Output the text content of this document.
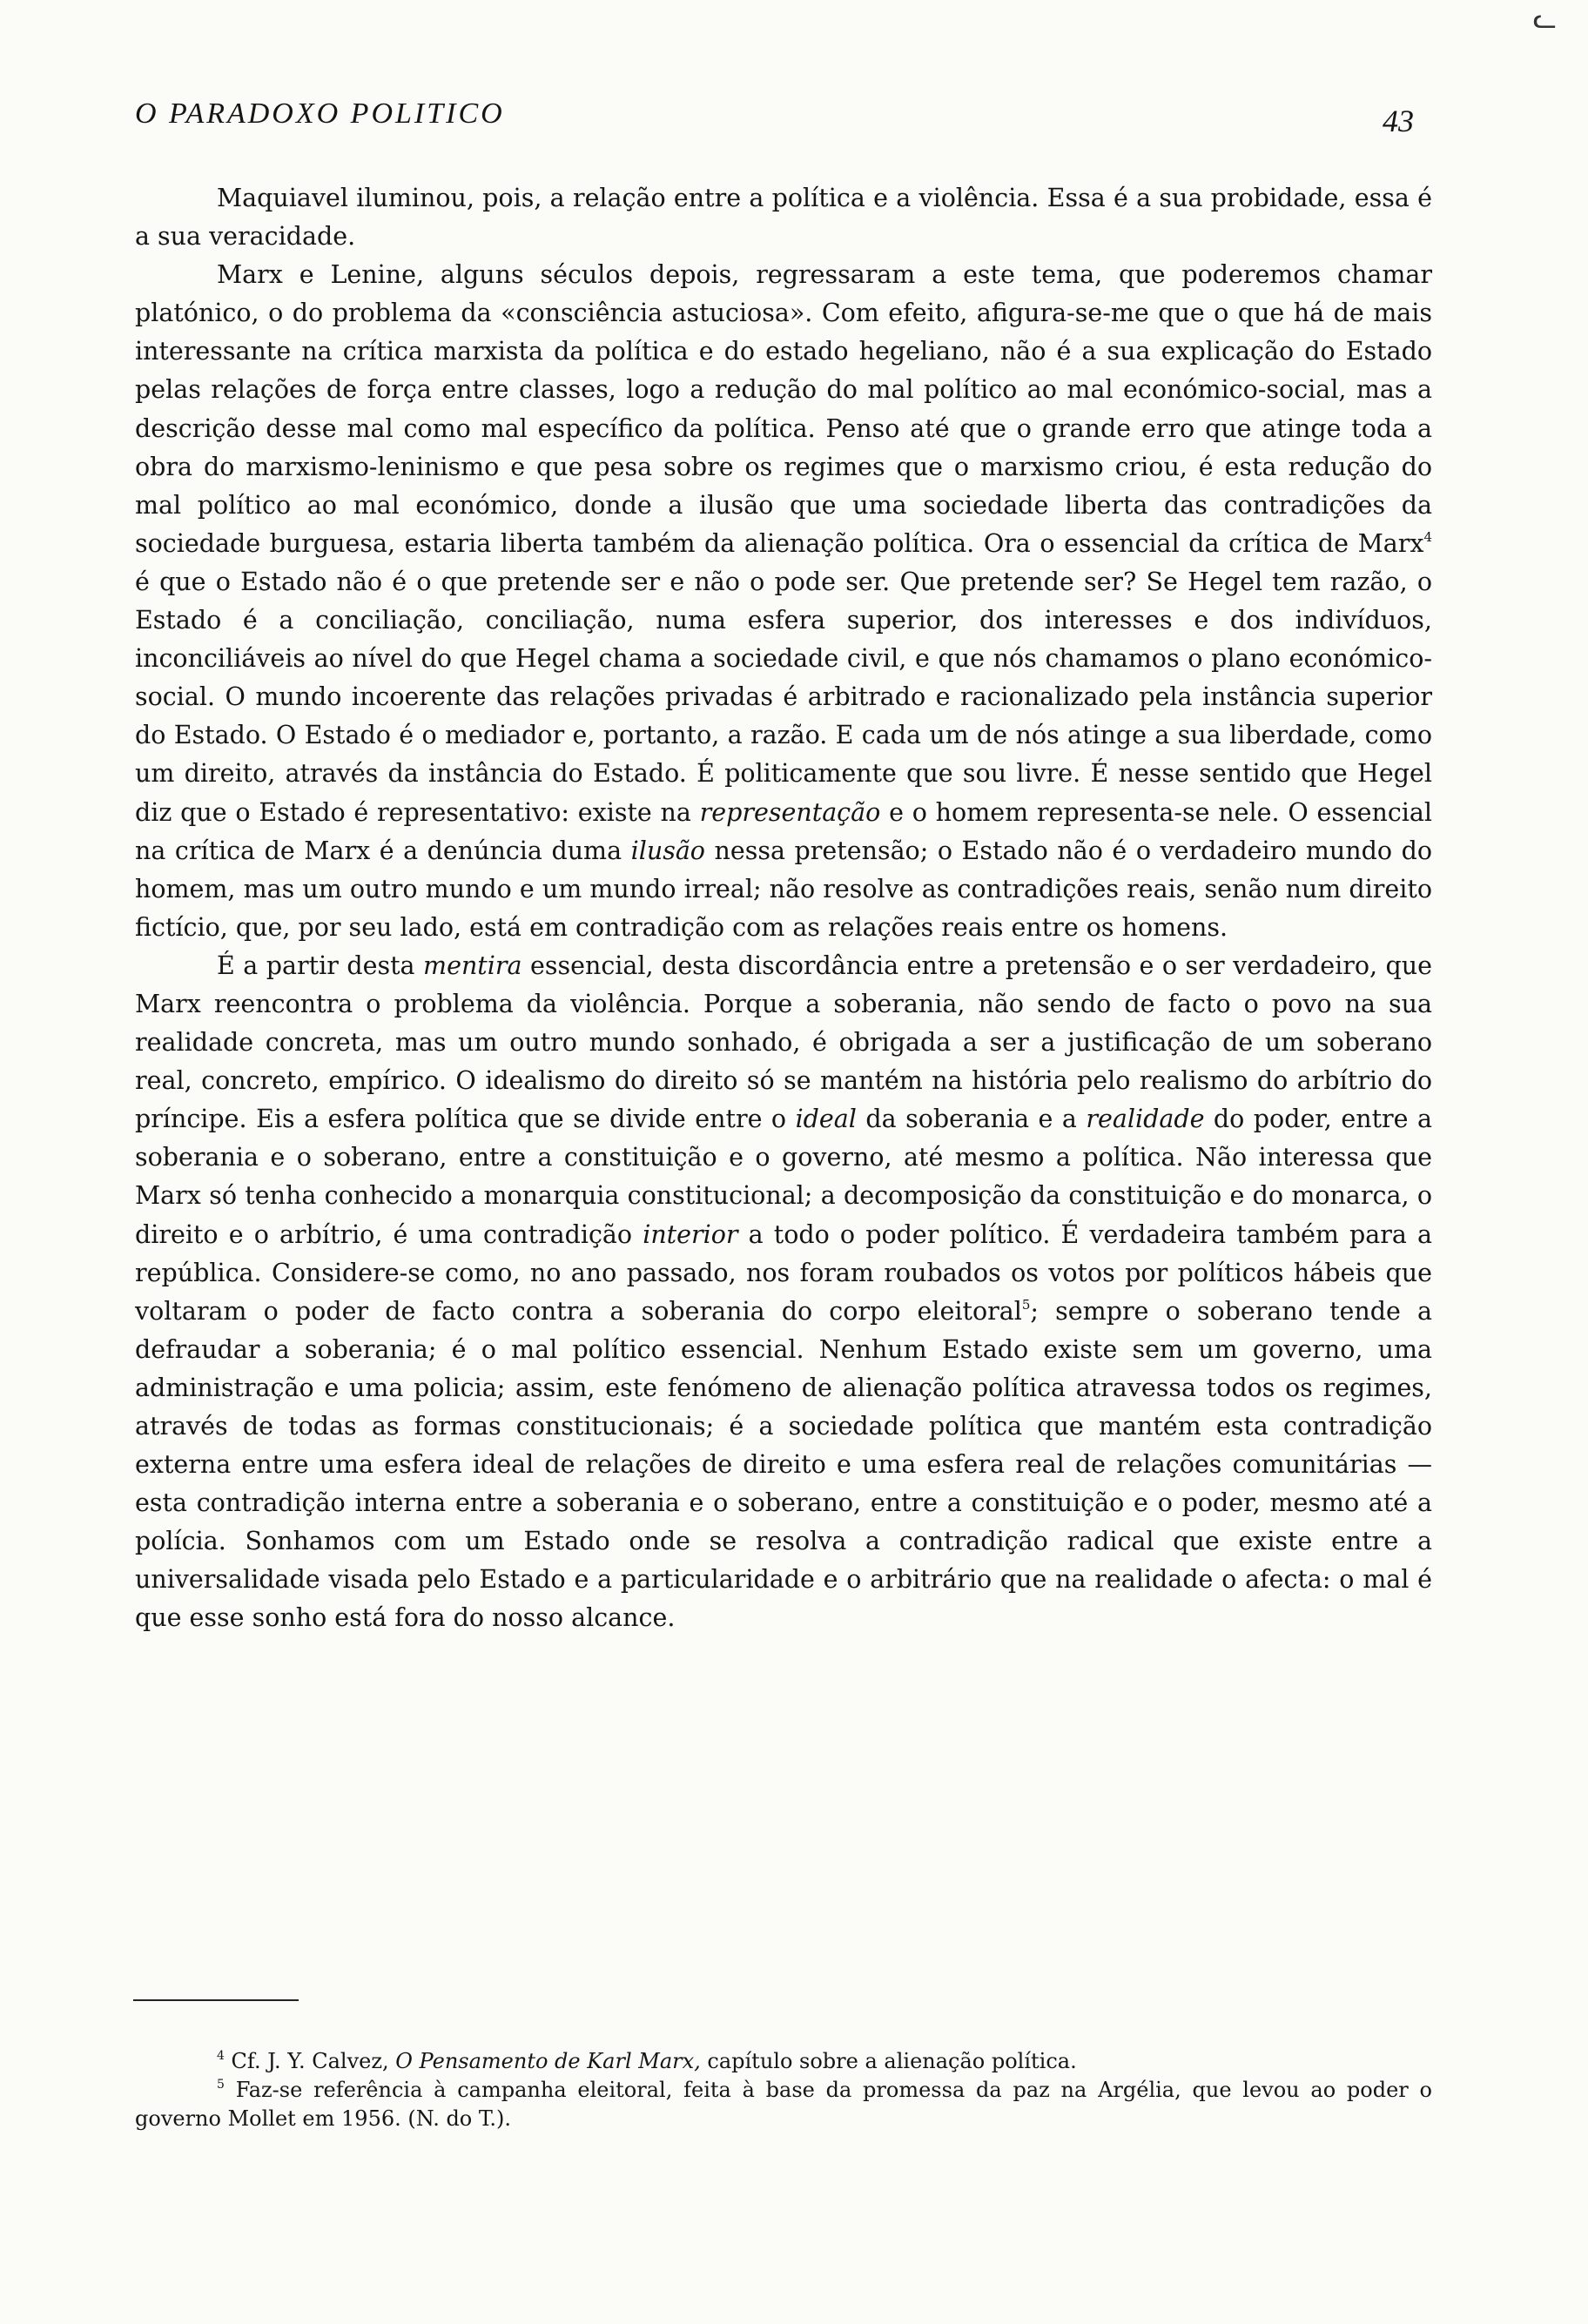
ᓚ
O PARADOXO POLITICO	43

Maquiavel iluminou, pois, a relação entre a política e a violência. Essa é a sua probidade, essa é a sua veracidade.

Marx e Lenine, alguns séculos depois, regressaram a este tema, que poderemos chamar platónico, o do problema da «consciência astuciosa». Com efeito, afigura-se-me que o que há de mais interessante na crítica marxista da política e do estado hegeliano, não é a sua explicação do Estado pelas relações de força entre classes, logo a redução do mal político ao mal económico-social, mas a descrição desse mal como mal específico da política. Penso até que o grande erro que atinge toda a obra do marxismo-leninismo e que pesa sobre os regimes que o marxismo criou, é esta redução do mal político ao mal económico, donde a ilusão que uma sociedade liberta das contradições da sociedade burguesa, estaria liberta também da alienação política. Ora o essencial da crítica de Marx$^4$ é que o Estado não é o que pretende ser e não o pode ser. Que pretende ser? Se Hegel tem razão, o Estado é a conciliação, conciliação, numa esfera superior, dos interesses e dos indivíduos, inconciliáveis ao nível do que Hegel chama a sociedade civil, e que nós chamamos o plano económico-social. O mundo incoerente das relações privadas é arbitrado e racionalizado pela instância superior do Estado. O Estado é o mediador e, portanto, a razão. E cada um de nós atinge a sua liberdade, como um direito, através da instância do Estado. É politicamente que sou livre. É nesse sentido que Hegel diz que o Estado é representativo: existe na representação e o homem representa-se nele. O essencial na crítica de Marx é a denúncia duma ilusão nessa pretensão; o Estado não é o verdadeiro mundo do homem, mas um outro mundo e um mundo irreal; não resolve as contradições reais, senão num direito fictício, que, por seu lado, está em contradição com as relações reais entre os homens.

É a partir desta mentira essencial, desta discordância entre a pretensão e o ser verdadeiro, que Marx reencontra o problema da violência. Porque a soberania, não sendo de facto o povo na sua realidade concreta, mas um outro mundo sonhado, é obrigada a ser a justificação de um soberano real, concreto, empírico. O idealismo do direito só se mantém na história pelo realismo do arbítrio do príncipe. Eis a esfera política que se divide entre o ideal da soberania e a realidade do poder, entre a soberania e o soberano, entre a constituição e o governo, até mesmo a política. Não interessa que Marx só tenha conhecido a monarquia constitucional; a decomposição da constituição e do monarca, o direito e o arbítrio, é uma contradição interior a todo o poder político. É verdadeira também para a república. Considere-se como, no ano passado, nos foram roubados os votos por políticos hábeis que voltaram o poder de facto contra a soberania do corpo eleitoral$^5$; sempre o soberano tende a defraudar a soberania; é o mal político essencial. Nenhum Estado existe sem um governo, uma administração e uma policia; assim, este fenómeno de alienação política atravessa todos os regimes, através de todas as formas constitucionais; é a sociedade política que mantém esta contradição externa entre uma esfera ideal de relações de direito e uma esfera real de relações comunitárias — esta contradição interna entre a soberania e o soberano, entre a constituição e o poder, mesmo até a polícia. Sonhamos com um Estado onde se resolva a contradição radical que existe entre a universalidade visada pelo Estado e a particularidade e o arbitrário que na realidade o afecta: o mal é que esse sonho está fora do nosso alcance.

$^4$ Cf. J. Y. Calvez, O Pensamento de Karl Marx, capítulo sobre a alienação política.

$^5$ Faz-se referência à campanha eleitoral, feita à base da promessa da paz na Argélia, que levou ao poder o governo Mollet em 1956. (N. do T.).
